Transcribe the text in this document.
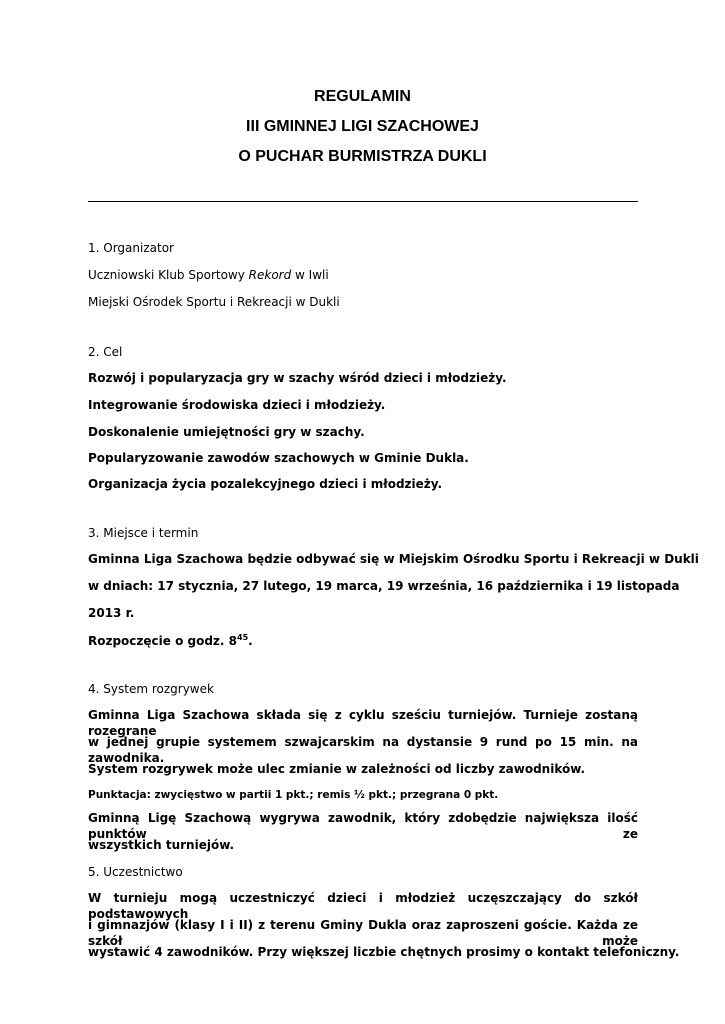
REGULAMIN
III GMINNEJ LIGI SZACHOWEJ
O PUCHAR BURMISTRZA DUKLI
1. Organizator
Uczniowski Klub Sportowy Rekord w Iwli
Miejski Ośrodek Sportu i Rekreacji w Dukli
2. Cel
Rozwój i popularyzacja gry w szachy wśród dzieci i młodzieży.
Integrowanie środowiska dzieci i młodzieży.
Doskonalenie umiejętności gry w szachy.
Popularyzowanie zawodów szachowych w Gminie Dukla.
Organizacja życia pozalekcyjnego dzieci i młodzieży.
3. Miejsce i termin
Gminna Liga Szachowa będzie odbywać się w Miejskim Ośrodku Sportu i Rekreacji w Dukli
w dniach: 17 stycznia, 27 lutego, 19 marca, 19 września, 16 października i 19 listopada
2013 r.
Rozpoczęcie o godz. $8^{45}$.
4. System rozgrywek
Gminna Liga Szachowa składa się z cyklu sześciu turniejów. Turnieje zostaną rozegrane
w jednej grupie systemem szwajcarskim na dystansie 9 rund po 15 min. na zawodnika.
System rozgrywek może ulec zmianie w zależności od liczby zawodników.
Punktacja: zwycięstwo w partii 1 pkt.; remis ½ pkt.; przegrana 0 pkt.
Gminną Ligę Szachową wygrywa zawodnik, który zdobędzie największa ilość punktów ze
wszystkich turniejów.
5. Uczestnictwo
W turnieju mogą uczestniczyć dzieci i młodzież uczęszczający do szkół podstawowych
i gimnazjów (klasy I i II) z terenu Gminy Dukla oraz zaproszeni goście. Każda ze szkół może
wystawić 4 zawodników. Przy większej liczbie chętnych prosimy o kontakt telefoniczny.
